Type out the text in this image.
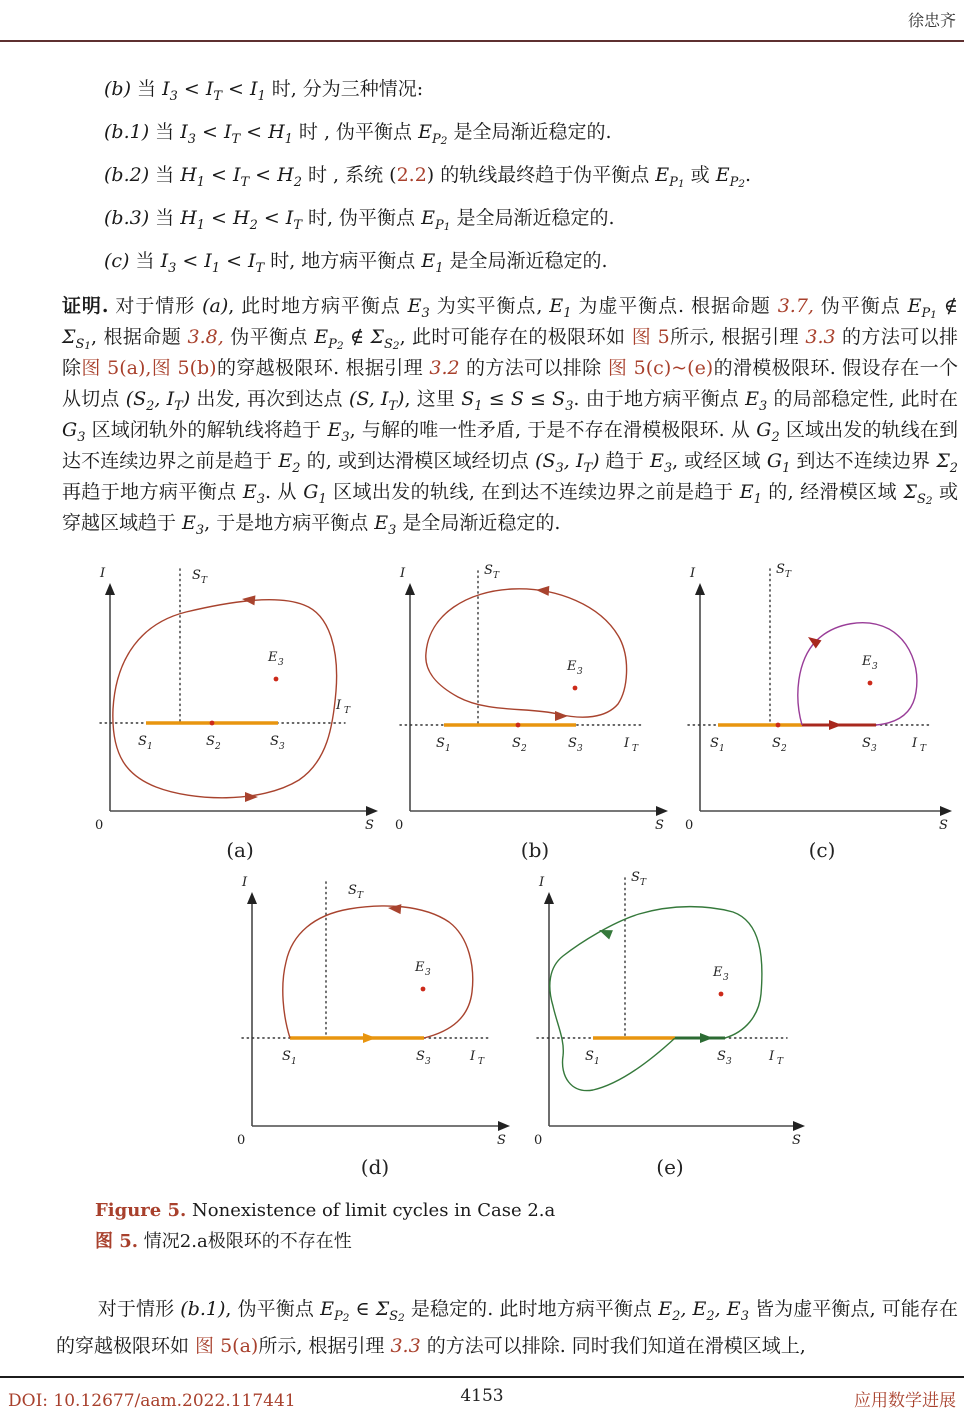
徐忠齐
(b) 当 $I_3 < I_T < I_1$ 时, 分为三种情况:
(b.1) 当 $I_3 < I_T < H_1$ 时 , 伪平衡点 $E_{P2}$ 是全局渐近稳定的.
(b.2) 当 $H_1 < I_T < H_2$ 时 , 系统 (2.2) 的轨线最终趋于伪平衡点 $E_{P1}$ 或 $E_{P2}$.
(b.3) 当 $H_1 < H_2 < I_T$ 时, 伪平衡点 $E_{P1}$ 是全局渐近稳定的.
(c) 当 $I_3 < I_1 < I_T$ 时, 地方病平衡点 $E_1$ 是全局渐近稳定的.
证明. 对于情形 (a), 此时地方病平衡点 $E_3$ 为实平衡点, $E_1$ 为虚平衡点. 根据命题 3.7, 伪平衡点 $E_{P1}$ ∉ $\Sigma_{S1}$, 根据命题 3.8, 伪平衡点 $E_{P2}$ ∉ $\Sigma_{S2}$, 此时可能存在的极限环如 图 5所示, 根据引理 3.3 的方法可以排除图 5(a),图 5(b)的穿越极限环. 根据引理 3.2 的方法可以排除 图 5(c)~(e)的滑模极限环. 假设存在一个从切点 ($S_2$, $I_T$) 出发, 再次到达点 (S, $I_T$), 这里 $S_1 \le S \le S_3$. 由于地方病平衡点 $E_3$ 的局部稳定性, 此时在 $G_3$ 区域闭轨外的解轨线将趋于 $E_3$, 与解的唯一性矛盾, 于是不存在滑模极限环. 从 $G_2$ 区域出发的轨线在到达不连续边界之前是趋于 $E_2$ 的, 或到达滑模区域经切点 ($S_3$, $I_T$) 趋于 $E_3$, 或经区域 $G_1$ 到达不连续边界 $\Sigma_2$ 再趋于地方病平衡点 $E_3$. 从 $G_1$ 区域出发的轨线, 在到达不连续边界之前是趋于 $E_1$ 的, 经滑模区域 $\Sigma_{S2}$ 或穿越区域趋于 $E_3$, 于是地方病平衡点 $E_3$ 是全局渐近稳定的.
I
0	S
S T
I T
S 1	S 2	S 3
E 3
(a)
I
0	S
S T
I T
S 1	S 2	S 3
E 3
(b)
I
0	S
S T
I T
S 1	S 2	S 3
E 3
(c)
I
0	S
S T
I T
S 1	S 3
E 3
(d)
I
0	S
S T
I T
S 1	S 3
E 3
(e)
Figure 5. Nonexistence of limit cycles in Case 2.a
图 5. 情况2.a极限环的不存在性
对于情形 (b.1), 伪平衡点 $E_{P2}$ ∈ $\Sigma_{S2}$ 是稳定的. 此时地方病平衡点 $E_2$, $E_2$, $E_3$ 皆为虚平衡点, 可能存在的穿越极限环如 图 5(a)所示, 根据引理 3.3 的方法可以排除. 同时我们知道在滑模区域上,
DOI: 10.12677/aam.2022.117441	4153	应用数学进展
